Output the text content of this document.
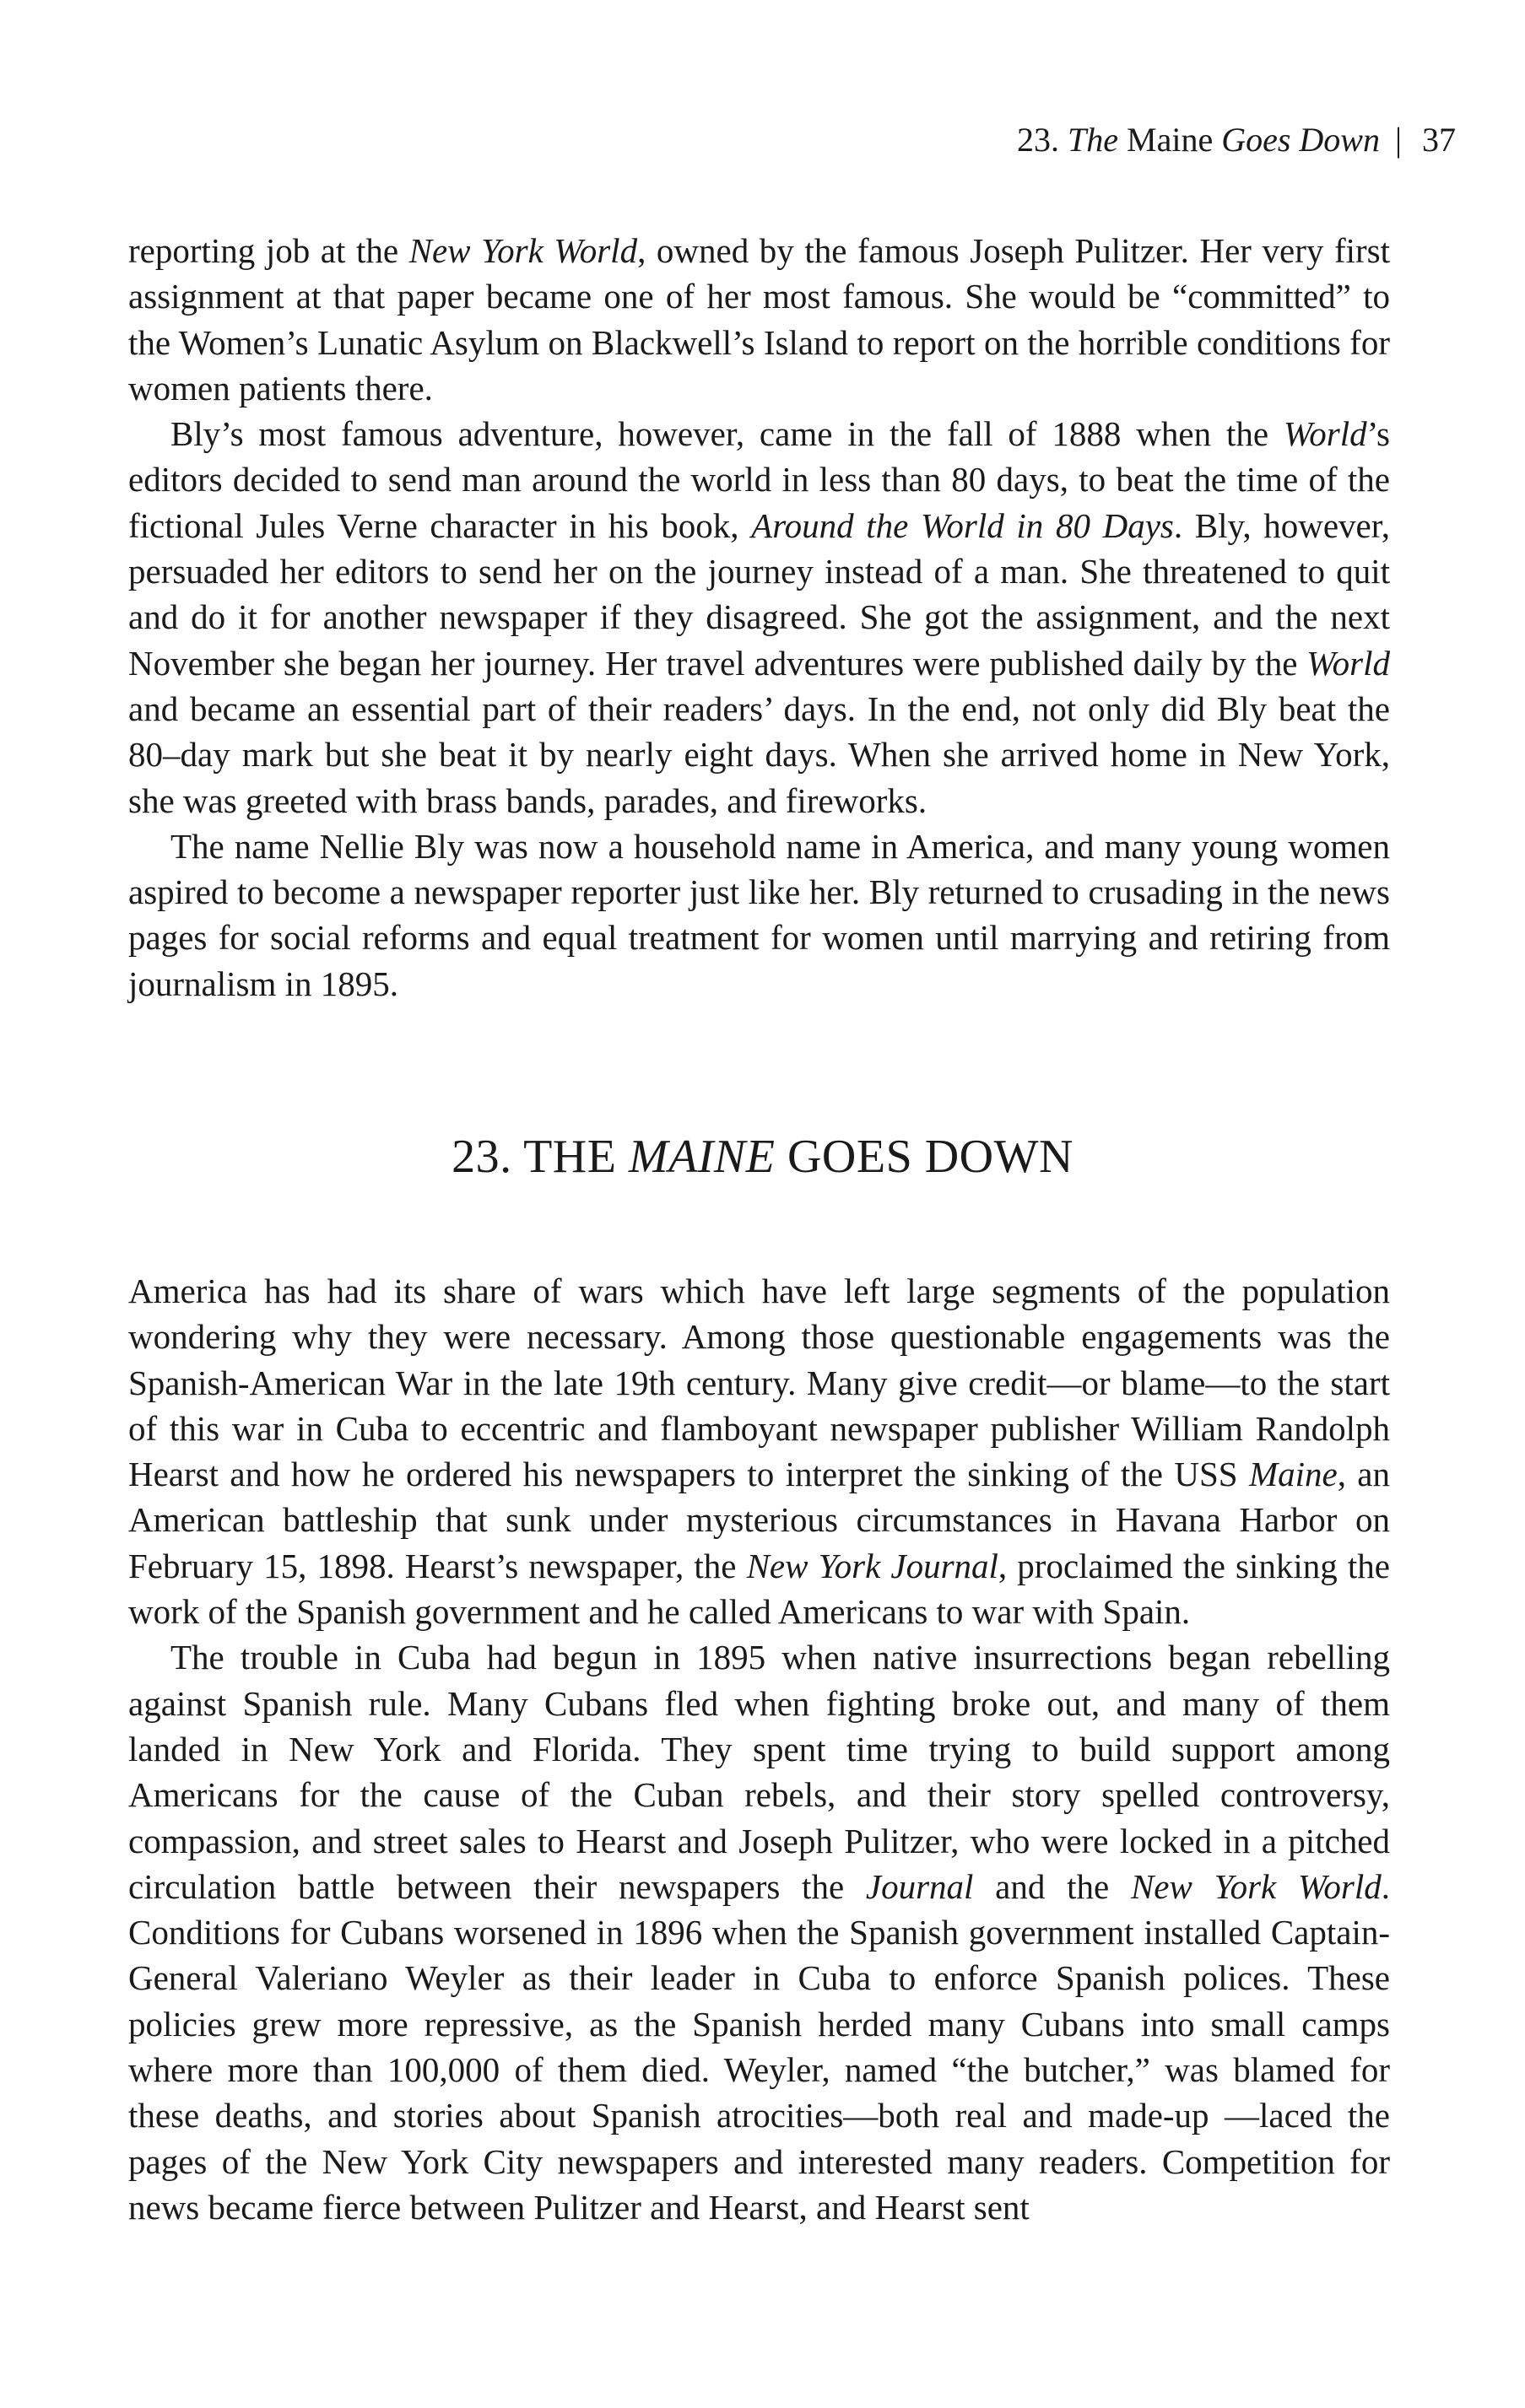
23. The Maine Goes Down | 37

reporting job at the New York World, owned by the famous Joseph Pulitzer. Her very first assignment at that paper became one of her most famous. She would be “committed” to the Women’s Lunatic Asylum on Blackwell’s Island to report on the horrible conditions for women patients there.

Bly’s most famous adventure, however, came in the fall of 1888 when the World’s editors decided to send man around the world in less than 80 days, to beat the time of the fictional Jules Verne character in his book, Around the World in 80 Days. Bly, however, persuaded her editors to send her on the journey instead of a man. She threatened to quit and do it for another newspaper if they disagreed. She got the assignment, and the next November she began her journey. Her travel adventures were published daily by the World and became an essential part of their readers’ days. In the end, not only did Bly beat the 80–day mark but she beat it by nearly eight days. When she arrived home in New York, she was greeted with brass bands, parades, and fireworks.

The name Nellie Bly was now a household name in America, and many young women aspired to become a newspaper reporter just like her. Bly returned to crusading in the news pages for social reforms and equal treatment for women until marrying and retiring from journalism in 1895.

23. THE MAINE GOES DOWN

America has had its share of wars which have left large segments of the population wondering why they were necessary. Among those questionable engagements was the Spanish-American War in the late 19th century. Many give credit—or blame—to the start of this war in Cuba to eccentric and flamboyant newspaper publisher William Randolph Hearst and how he ordered his newspapers to interpret the sinking of the USS Maine, an American battleship that sunk under mysterious circumstances in Havana Harbor on February 15, 1898. Hearst’s newspaper, the New York Journal, proclaimed the sinking the work of the Spanish government and he called Americans to war with Spain.

The trouble in Cuba had begun in 1895 when native insurrections began rebelling against Spanish rule. Many Cubans fled when fighting broke out, and many of them landed in New York and Florida. They spent time trying to build support among Americans for the cause of the Cuban rebels, and their story spelled controversy, compassion, and street sales to Hearst and Joseph Pulitzer, who were locked in a pitched circulation battle between their newspapers the Journal and the New York World. Conditions for Cubans worsened in 1896 when the Spanish government installed Captain-General Valeriano Weyler as their leader in Cuba to enforce Spanish polices. These policies grew more repressive, as the Spanish herded many Cubans into small camps where more than 100,000 of them died. Weyler, named “the butcher,” was blamed for these deaths, and stories about Spanish atrocities—both real and made-up —laced the pages of the New York City newspapers and interested many readers. Competition for news became fierce between Pulitzer and Hearst, and Hearst sent
